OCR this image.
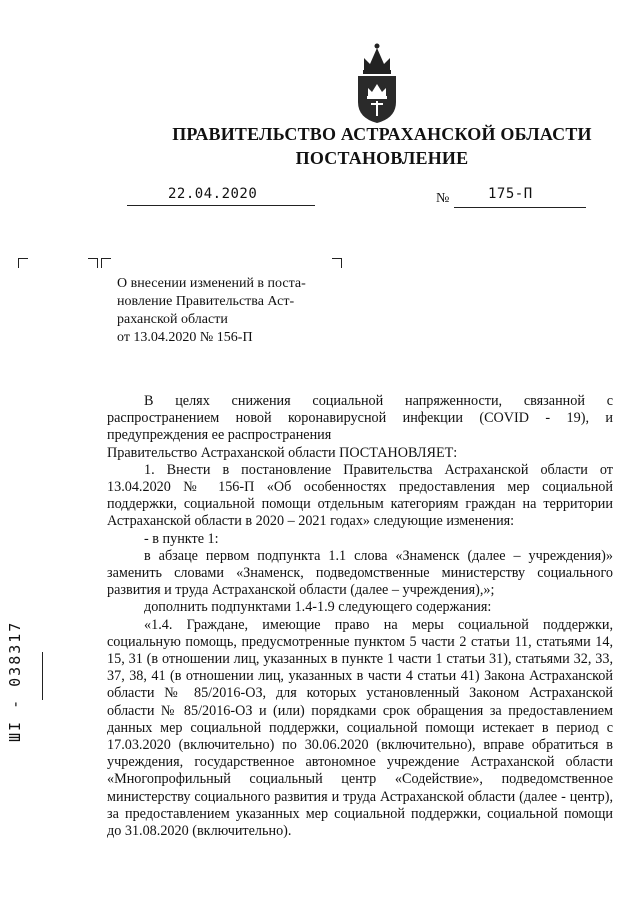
ПРАВИТЕЛЬСТВО АСТРАХАНСКОЙ ОБЛАСТИ
ПОСТАНОВЛЕНИЕ
22.04.2020	№	175-П
О внесении изменений в поста-
новление Правительства Аст-
раханской области
от 13.04.2020 № 156-П

В целях снижения социальной напряженности, связанной с распространением новой коронавирусной инфекции (COVID - 19), и предупреждения ее распространения

Правительство Астраханской области ПОСТАНОВЛЯЕТ:

1. Внести в постановление Правительства Астраханской области от 13.04.2020 № 156-П «Об особенностях предоставления мер социальной поддержки, социальной помощи отдельным категориям граждан на территории Астраханской области в 2020 – 2021 годах» следующие изменения:

- в пункте 1:

в абзаце первом подпункта 1.1 слова «Знаменск (далее – учреждения)» заменить словами «Знаменск, подведомственные министерству социального развития и труда Астраханской области (далее – учреждения),»;

дополнить подпунктами 1.4-1.9 следующего содержания:

«1.4. Граждане, имеющие право на меры социальной поддержки, социальную помощь, предусмотренные пунктом 5 части 2 статьи 11, статьями 14, 15, 31 (в отношении лиц, указанных в пункте 1 части 1 статьи 31), статьями 32, 33, 37, 38, 41 (в отношении лиц, указанных в части 4 статьи 41) Закона Астраханской области № 85/2016-ОЗ, для которых установленный Законом Астраханской области № 85/2016-ОЗ и (или) порядками срок обращения за предоставлением данных мер социальной поддержки, социальной помощи истекает в период с 17.03.2020 (включительно) по 30.06.2020 (включительно), вправе обратиться в учреждения, государственное автономное учреждение Астраханской области «Многопрофильный социальный центр «Содействие», подведомственное министерству социального развития и труда Астраханской области (далее - центр), за предоставлением указанных мер социальной поддержки, социальной помощи до 31.08.2020 (включительно).

ШI - 038317
